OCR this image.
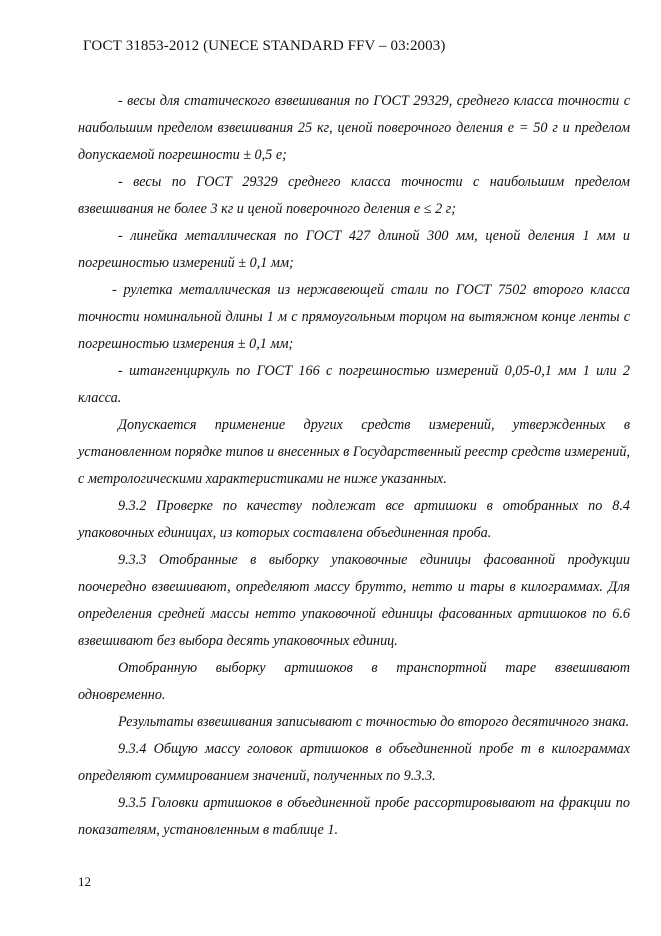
ГОСТ 31853-2012 (UNECE STANDARD FFV – 03:2003)

- весы для статического взвешивания по ГОСТ 29329, среднего класса точности с наибольшим пределом взвешивания 25 кг, ценой поверочного деления е = 50 г и пределом допускаемой погрешности ± 0,5 е;

- весы по ГОСТ 29329 среднего класса точности с наибольшим пределом взвешивания не более 3 кг и ценой поверочного деления е ≤ 2 г;

- линейка металлическая по ГОСТ 427 длиной 300 мм, ценой деления 1 мм и погрешностью измерений ± 0,1 мм;

- рулетка металлическая из нержавеющей стали по ГОСТ 7502 второго класса точности номинальной длины 1 м с прямоугольным торцом на вытяжном конце ленты с погрешностью измерения ± 0,1 мм;

- штангенциркуль по ГОСТ 166 с погрешностью измерений 0,05-0,1 мм 1 или 2 класса.

Допускается применение других средств измерений, утвержденных в установленном порядке типов и внесенных в Государственный реестр средств измерений, с метрологическими характеристиками не ниже указанных.

9.3.2 Проверке по качеству подлежат все артишоки в отобранных по 8.4 упаковочных единицах, из которых составлена объединенная проба.

9.3.3 Отобранные в выборку упаковочные единицы фасованной продукции поочередно взвешивают, определяют массу брутто, нетто и тары в килограммах. Для определения средней массы нетто упаковочной единицы фасованных артишоков по 6.6 взвешивают без выбора десять упаковочных единиц.

Отобранную выборку артишоков в транспортной таре взвешивают одновременно.

Результаты взвешивания записывают с точностью до второго десятичного знака.

9.3.4 Общую массу головок артишоков в объединенной пробе m в килограммах определяют суммированием значений, полученных по 9.3.3.

9.3.5 Головки артишоков в объединенной пробе рассортировывают на фракции по показателям, установленным в таблице 1.

12
